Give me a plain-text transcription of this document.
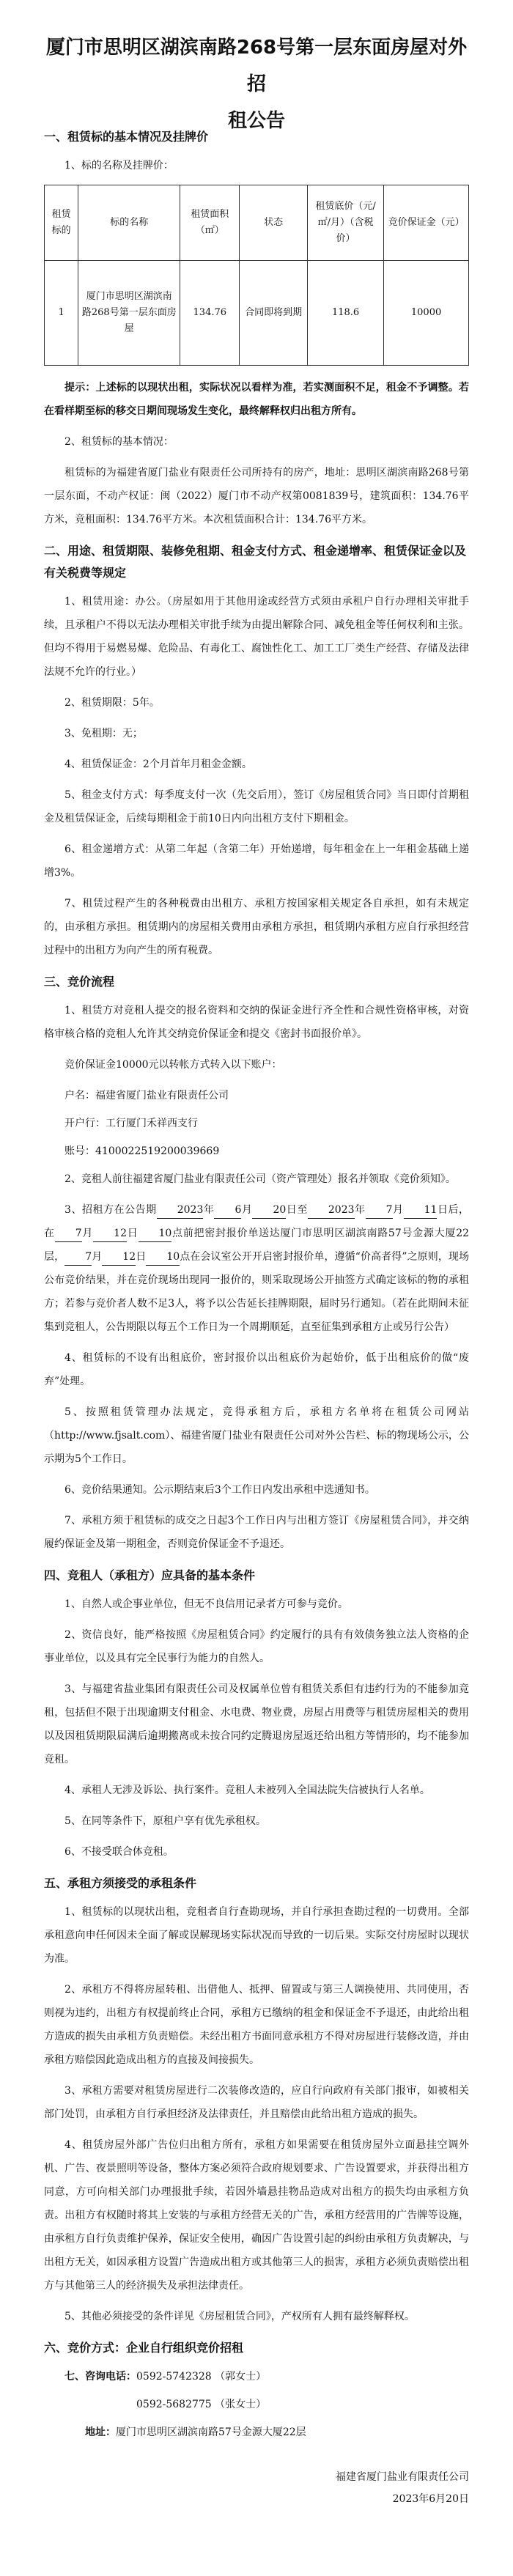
厦门市思明区湖滨南路268号第一层东面房屋对外招
租公告
一、租赁标的基本情况及挂牌价

1、标的名称及挂牌价：

租赁标的	标的名称	租赁面积（㎡）	状态	租赁底价（元/㎡/月）（含税价）	竞价保证金（元）
1	厦门市思明区湖滨南路268号第一层东面房屋	134.76	合同即将到期	118.6	10000

提示：上述标的以现状出租，实际状况以看样为准，若实测面积不足，租金不予调整。若在看样期至标的移交日期间现场发生变化，最终解释权归出租方所有。

2、租赁标的基本情况：

租赁标的为福建省厦门盐业有限责任公司所持有的房产，地址：思明区湖滨南路268号第一层东面，不动产权证：闽（2022）厦门市不动产权第0081839号，建筑面积：134.76平方米，竞租面积：134.76平方米。本次租赁面积合计：134.76平方米。

二、用途、租赁期限、装修免租期、租金支付方式、租金递增率、租赁保证金以及有关税费等规定

1、租赁用途：办公。（房屋如用于其他用途或经营方式须由承租户自行办理相关审批手续，且承租户不得以无法办理相关审批手续为由提出解除合同、减免租金等任何权利和主张。但均不得用于易燃易爆、危险品、有毒化工、腐蚀性化工、加工工厂类生产经营、存储及法律法规不允许的行业。）

2、租赁期限：5年。

3、免租期：无；

4、租赁保证金：2个月首年月租金金额。

5、租金支付方式：每季度支付一次（先交后用），签订《房屋租赁合同》当日即付首期租金及租赁保证金，后续每期租金于前10日内向出租方支付下期租金。

6、租金递增方式：从第二年起（含第二年）开始递增，每年租金在上一年租金基础上递增3%。

7、租赁过程产生的各种税费由出租方、承租方按国家相关规定各自承担，如有未规定的，由承租方承担。租赁期内的房屋相关费用由承租方承担，租赁期内承租方应自行承担经营过程中的出租方为向产生的所有税费。

三、竞价流程

1、租赁方对竞租人提交的报名资料和交纳的保证金进行齐全性和合规性资格审核，对资格审核合格的竞租人允许其交纳竞价保证金和提交《密封书面报价单》。

竞价保证金10000元以转帐方式转入以下账户：

户名：福建省厦门盐业有限责任公司
开户行：工行厦门禾祥西支行
账号：4100022519200039669

2、竞租人前往福建省厦门盐业有限责任公司（资产管理处）报名并领取《竞价须知》。

3、招租方在公告期 2023年 6月 20日至 2023年 7月 11日后，在 7月 12日 10点前把密封报价单送达厦门市思明区湖滨南路57号金源大厦22层， 7月 12日 10点在会议室公开开启密封报价单，遵循“价高者得”之原则，现场公布竞价结果，并在竞价现场出现同一报价的，则采取现场公开抽签方式确定该标的物的承租方；若参与竞价者人数不足3人，将予以公告延长挂牌期限，届时另行通知。（若在此期间未征集到竞租人，公告期限以每五个工作日为一个周期顺延，直至征集到承租方止或另行公告）

4、租赁标的不设有出租底价，密封报价以出租底价为起始价，低于出租底价的做“废弃”处理。

5、按照租赁管理办法规定，竞得承租方后，承租方名单将在租赁公司网站（http://www.fjsalt.com）、福建省厦门盐业有限责任公司对外公告栏、标的物现场公示，公示期为5个工作日。

6、竞价结果通知。公示期结束后3个工作日内发出承租中选通知书。

7、承租方须于租赁标的成交之日起3个工作日内与出租方签订《房屋租赁合同》，并交纳履约保证金及第一期租金，否则竞价保证金不予退还。

四、竞租人（承租方）应具备的基本条件

1、自然人或企事业单位，但无不良信用记录者方可参与竞价。

2、资信良好，能严格按照《房屋租赁合同》约定履行的具有有效债务独立法人资格的企事业单位，以及具有完全民事行为能力的自然人。

3、与福建省盐业集团有限责任公司及权属单位曾有租赁关系但有违约行为的不能参加竞租，包括但不限于出现逾期支付租金、水电费、物业费，房屋占用费等与租赁房屋相关的费用以及因租赁期限届满后逾期搬离或未按合同约定腾退房屋返还给出租方等情形的，均不能参加竞租。

4、承租人无涉及诉讼、执行案件。竞租人未被列入全国法院失信被执行人名单。

5、在同等条件下，原租户享有优先承租权。

6、不接受联合体竞租。

五、承租方须接受的承租条件

1、租赁标的以现状出租，竞租者自行查勘现场，并自行承担查勘过程的一切费用。全部承租意向申任何因未全面了解或误解现场实际状况而导致的一切后果。实际交付房屋时以现状为准。

2、承租方不得将房屋转租、出借他人、抵押、留置或与第三人调换使用、共同使用，否则视为违约，出租方有权提前终止合同，承租方已缴纳的租金和保证金不予退还，由此给出租方造成的损失由承租方负责赔偿。未经出租方书面同意承租方不得对房屋进行装修改造，并由承租方赔偿因此造成出租方的直接及间接损失。

3、承租方需要对租赁房屋进行二次装修改造的，应自行向政府有关部门报审，如被相关部门处罚，由承租方自行承担经济及法律责任，并且赔偿由此给出租方造成的损失。

4、租赁房屋外部广告位归出租方所有，承租方如果需要在租赁房屋外立面悬挂空调外机、广告、夜景照明等设备，整体方案必须符合政府规划要求、广告设置要求，并获得出租方同意，方可向相关部门办理报批手续，若因外墙悬挂物品造成对出租方的损失均由承租方负责。出租方有权随时将其上安装的与承租方经营无关的广告，承租方经营用的广告牌等设施，由承租方自行负责维护保养，保证安全使用，确因广告设置引起的纠纷由承租方负责解决，与出租方无关，如因承租方设置广告造成出租方或其他第三人的损害，承租方必须负责赔偿出租方与其他第三人的经济损失及承担法律责任。

5、其他必须接受的条件详见《房屋租赁合同》，产权所有人拥有最终解释权。

六、竞价方式：企业自行组织竞价招租
七、咨询电话：0592-5742328 （郭女士）
0592-5682775 （张女士）
地址：厦门市思明区湖滨南路57号金源大厦22层
福建省厦门盐业有限责任公司
2023年6月20日
